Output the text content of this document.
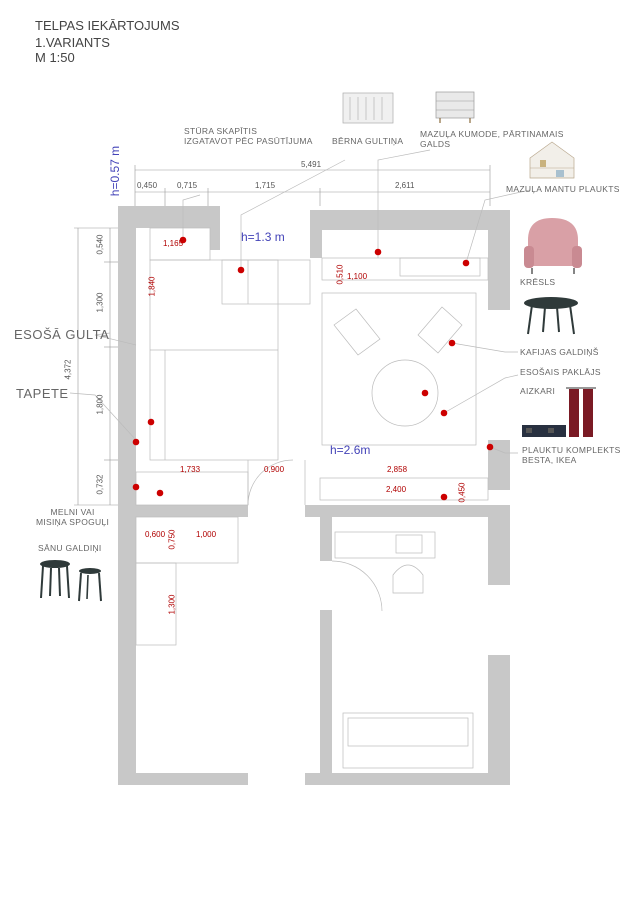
TELPAS IEKĀRTOJUMS
1.VARIANTS
M 1:50
h=0.57 m
h=1.3 m
h=2.6m
5,491
0,450 0,715	1,715	2,611
0,540
1,300
4,372
1,800
0,732
1,165
1,840
0,510 1,100
1,733	0,900	2,858
2,400	0,450
0,600 0,750 1,000
1,300
STŪRA SKAPĪTIS
IZGATAVOT PĒC PASŪTĪJUMA BĒRNA GULTIŅA
MAZUĻA KUMODE, PĀRTINAMAIS
GALDS
MAZUĻA MANTU PLAUKTS
KRĒSLS
KAFIJAS GALDIŅŠ
ESOŠAIS PAKLĀJS
AIZKARI
PLAUKTU KOMPLEKTS
BESTA, IKEA
MELNI VAI
MISIŅA SPOGUĻI
SĀNU GALDIŅI
ESOŠĀ GULTA
TAPETE
